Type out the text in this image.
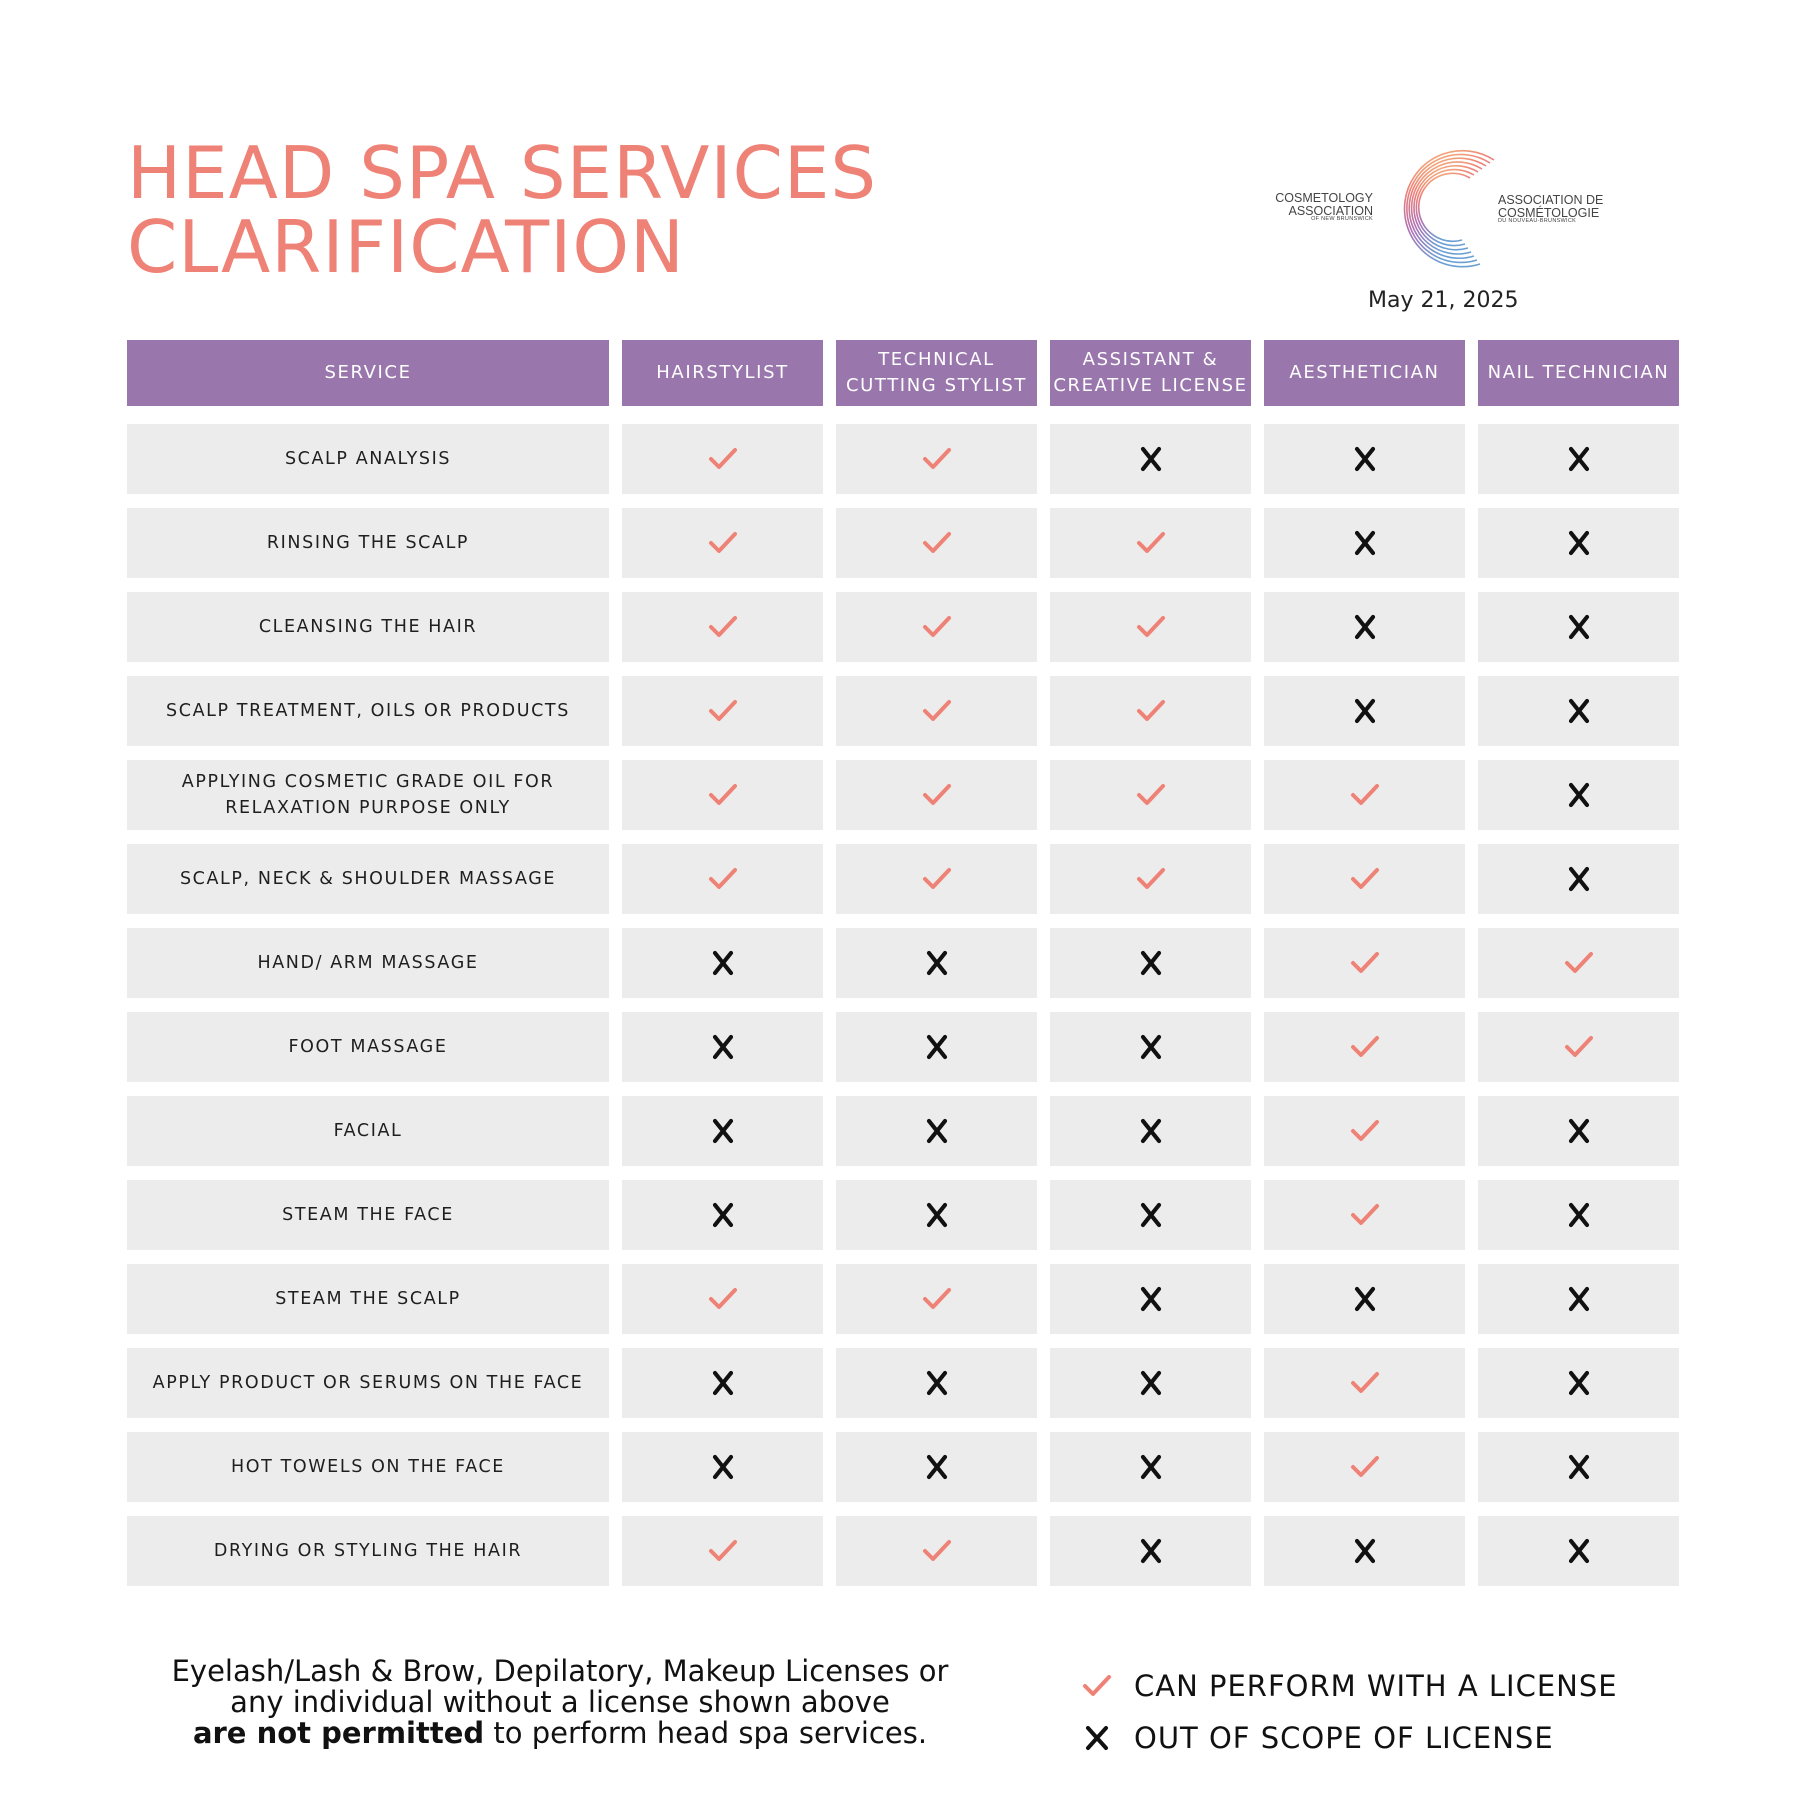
HEAD SPA SERVICES
CLARIFICATION
COSMETOLOGY
ASSOCIATION
OF NEW BRUNSWICK
ASSOCIATION DE
COSMÉTOLOGIE
DU NOUVEAU-BRUNSWICK
May 21, 2025
SERVICE	HAIRSTYLIST
TECHNICAL
CUTTING STYLIST
ASSISTANT &
CREATIVE LICENSE
AESTHETICIAN	NAIL TECHNICIAN
SCALP ANALYSIS
RINSING THE SCALP
CLEANSING THE HAIR
SCALP TREATMENT, OILS OR PRODUCTS
APPLYING COSMETIC GRADE OIL FOR
RELAXATION PURPOSE ONLY
SCALP, NECK & SHOULDER MASSAGE
HAND/ ARM MASSAGE
FOOT MASSAGE
FACIAL
STEAM THE FACE
STEAM THE SCALP
APPLY PRODUCT OR SERUMS ON THE FACE
HOT TOWELS ON THE FACE
DRYING OR STYLING THE HAIR
Eyelash/Lash & Brow, Depilatory, Makeup Licenses or
any individual without a license shown above
are not permitted to perform head spa services.
CAN PERFORM WITH A LICENSE
OUT OF SCOPE OF LICENSE
